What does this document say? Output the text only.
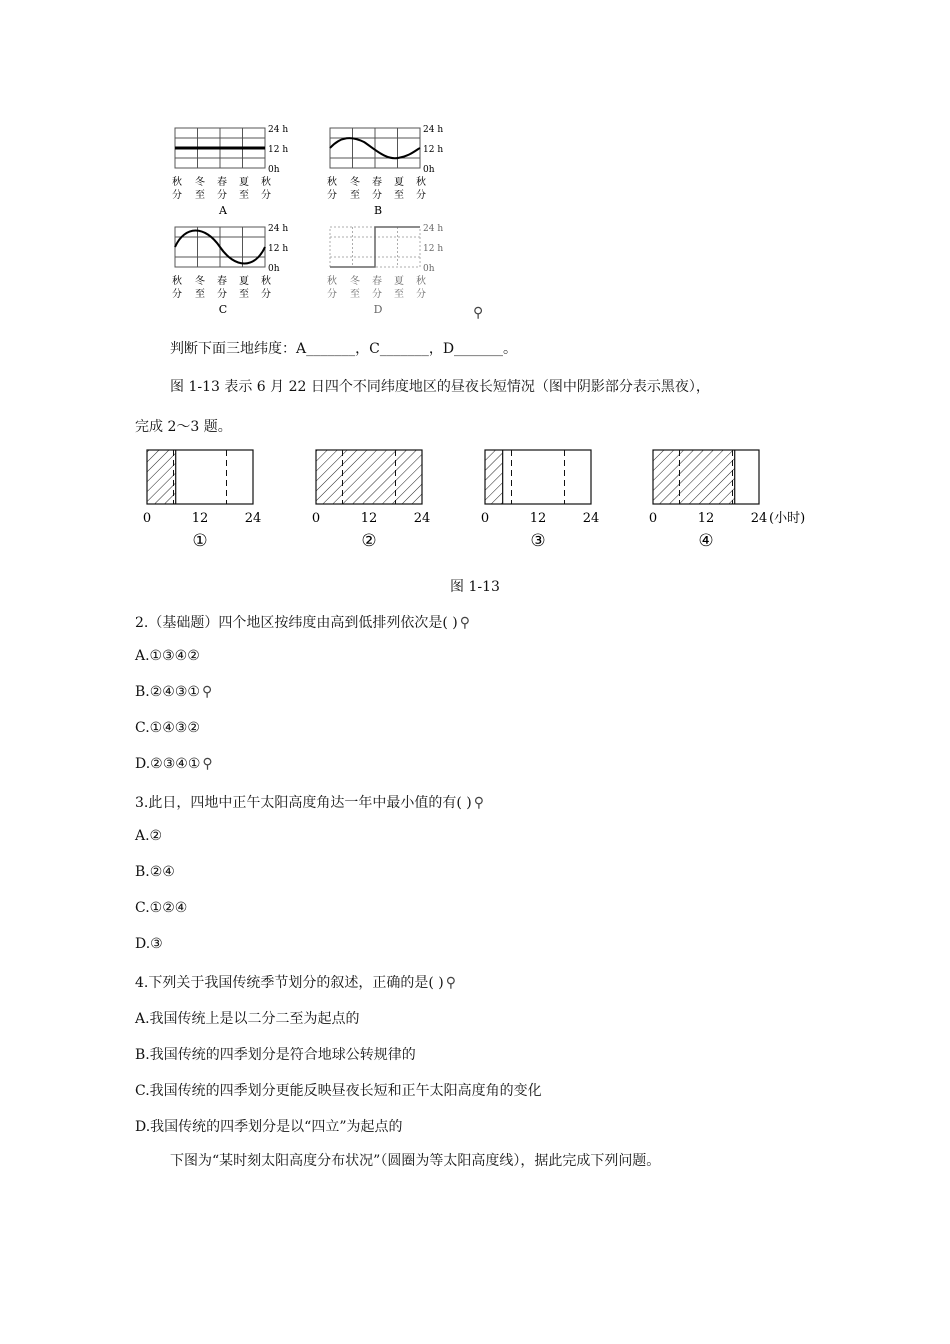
24 h
12 h
0h
秋 冬 春 夏 秋
分 至 分 至 分
A
24 h
12 h
0h
秋 冬 春 夏 秋
分 至 分 至 分
B
24 h
12 h
0h
秋 冬 春 夏 秋
分 至 分 至 分
C
24 h
12 h
0h
秋 冬 春 夏 秋
分 至 分 至 分
D	⚲
判断下面三地纬度：A_______，C_______，D_______。
图 1-13 表示 6 月 22 日四个不同纬度地区的昼夜长短情况（图中阴影部分表示黑夜），
完成 2～3 题。
0	12	24
①
0	12	24
②
0	12	24
③
0	12	24 (小时)
④
图 1-13
2.（基础题）四个地区按纬度由高到低排列依次是( ) ⚲
A.①③④②
B.②④③① ⚲
C.①④③②
D.②③④① ⚲
3.此日，四地中正午太阳高度角达一年中最小值的有( ) ⚲
A.②
B.②④
C.①②④
D.③
4.下列关于我国传统季节划分的叙述，正确的是( ) ⚲
A.我国传统上是以二分二至为起点的
B.我国传统的四季划分是符合地球公转规律的
C.我国传统的四季划分更能反映昼夜长短和正午太阳高度角的变化
D.我国传统的四季划分是以“四立”为起点的
下图为“某时刻太阳高度分布状况”（圆圈为等太阳高度线），据此完成下列问题。
